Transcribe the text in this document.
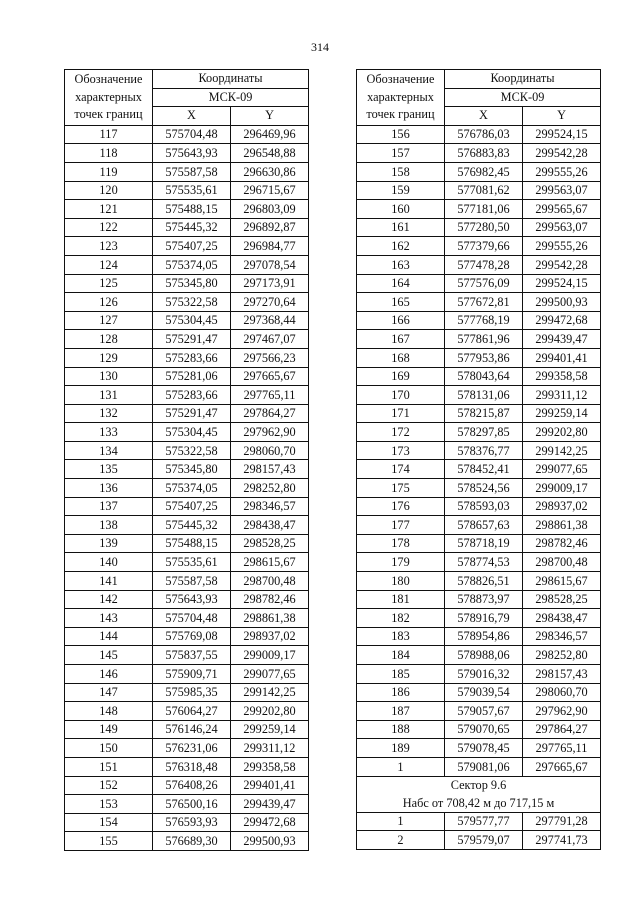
314
Обозначение характерных точек границ	Координаты	
	МСК-09	
	X	Y
117	575704,48	296469,96
118	575643,93	296548,88
119	575587,58	296630,86
120	575535,61	296715,67
121	575488,15	296803,09
122	575445,32	296892,87
123	575407,25	296984,77
124	575374,05	297078,54
125	575345,80	297173,91
126	575322,58	297270,64
127	575304,45	297368,44
128	575291,47	297467,07
129	575283,66	297566,23
130	575281,06	297665,67
131	575283,66	297765,11
132	575291,47	297864,27
133	575304,45	297962,90
134	575322,58	298060,70
135	575345,80	298157,43
136	575374,05	298252,80
137	575407,25	298346,57
138	575445,32	298438,47
139	575488,15	298528,25
140	575535,61	298615,67
141	575587,58	298700,48
142	575643,93	298782,46
143	575704,48	298861,38
144	575769,08	298937,02
145	575837,55	299009,17
146	575909,71	299077,65
147	575985,35	299142,25
148	576064,27	299202,80
149	576146,24	299259,14
150	576231,06	299311,12
151	576318,48	299358,58
152	576408,26	299401,41
153	576500,16	299439,47
154	576593,93	299472,68
155	576689,30	299500,93
Обозначение характерных точек границ	Координаты	
	МСК-09	
	X	Y
156	576786,03	299524,15
157	576883,83	299542,28
158	576982,45	299555,26
159	577081,62	299563,07
160	577181,06	299565,67
161	577280,50	299563,07
162	577379,66	299555,26
163	577478,28	299542,28
164	577576,09	299524,15
165	577672,81	299500,93
166	577768,19	299472,68
167	577861,96	299439,47
168	577953,86	299401,41
169	578043,64	299358,58
170	578131,06	299311,12
171	578215,87	299259,14
172	578297,85	299202,80
173	578376,77	299142,25
174	578452,41	299077,65
175	578524,56	299009,17
176	578593,03	298937,02
177	578657,63	298861,38
178	578718,19	298782,46
179	578774,53	298700,48
180	578826,51	298615,67
181	578873,97	298528,25
182	578916,79	298438,47
183	578954,86	298346,57
184	578988,06	298252,80
185	579016,32	298157,43
186	579039,54	298060,70
187	579057,67	297962,90
188	579070,65	297864,27
189	579078,45	297765,11
1	579081,06	297665,67
Сектор 9.6		
Набс от 708,42 м до 717,15 м		
1	579577,77	297791,28
2	579579,07	297741,73
